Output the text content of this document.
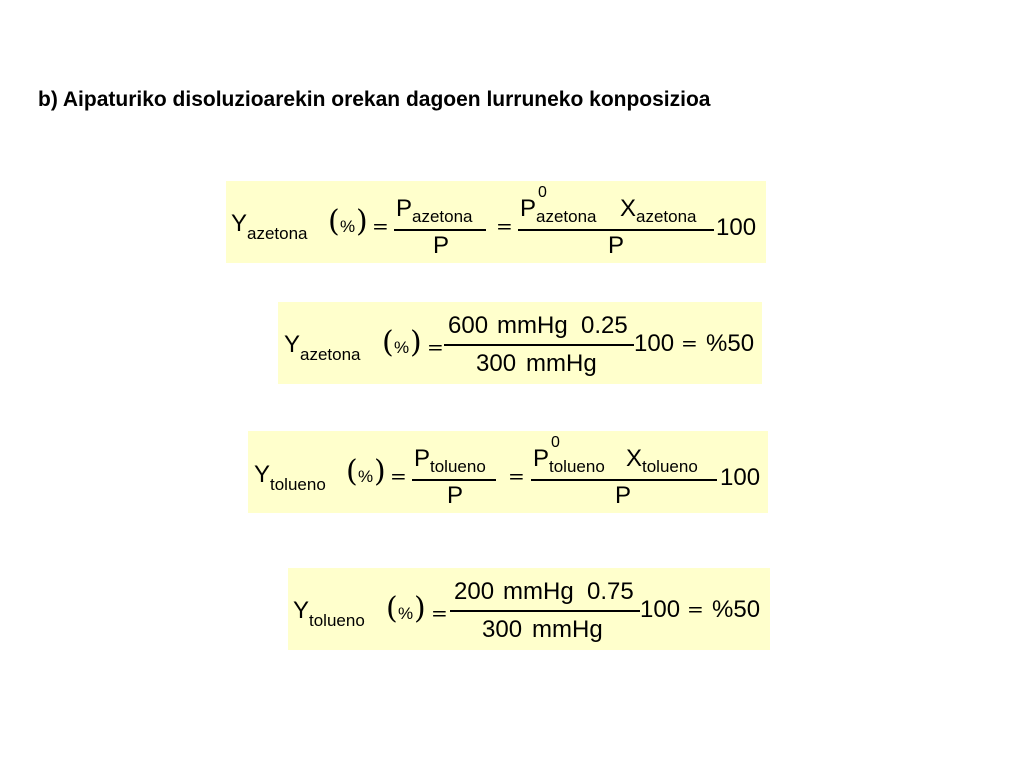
b) Aipaturiko disoluzioarekin orekan dagoen lurruneko konposizioa
Y azetona ( % ) =
P azetona
P
=
P
0
azetona X azetona
P
100
Y azetona ( % ) =
600 mmHg 0.25
300 mmHg
100 = %50
Y tolueno ( % ) =
P tolueno
P
=
P
0
tolueno X tolueno
P
100
Y tolueno ( % ) =
200 mmHg 0.75
300 mmHg
100 = %50
